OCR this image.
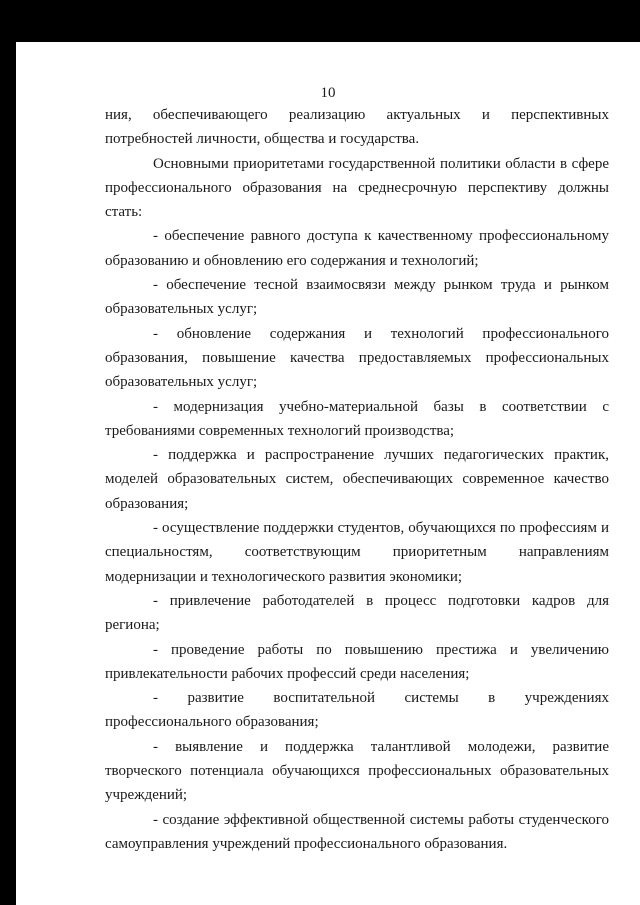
10

ния, обеспечивающего реализацию актуальных и перспективных потребностей личности, общества и государства.

Основными приоритетами государственной политики области в сфере профессионального образования на среднесрочную перспективу должны стать:

- обеспечение равного доступа к качественному профессиональному образованию и обновлению его содержания и технологий;

- обеспечение тесной взаимосвязи между рынком труда и рынком образовательных услуг;

- обновление содержания и технологий профессионального образования, повышение качества предоставляемых профессиональных образовательных услуг;

- модернизация учебно-материальной базы в соответствии с требованиями современных технологий производства;

- поддержка и распространение лучших педагогических практик, моделей образовательных систем, обеспечивающих современное качество образования;

- осуществление поддержки студентов, обучающихся по профессиям и специальностям, соответствующим приоритетным направлениям модернизации и технологического развития экономики;

- привлечение работодателей в процесс подготовки кадров для региона;

- проведение работы по повышению престижа и увеличению привлекательности рабочих профессий среди населения;

- развитие воспитательной системы в учреждениях профессионального образования;

- выявление и поддержка талантливой молодежи, развитие творческого потенциала обучающихся профессиональных образовательных учреждений;

- создание эффективной общественной системы работы студенческого самоуправления учреждений профессионального образования.
